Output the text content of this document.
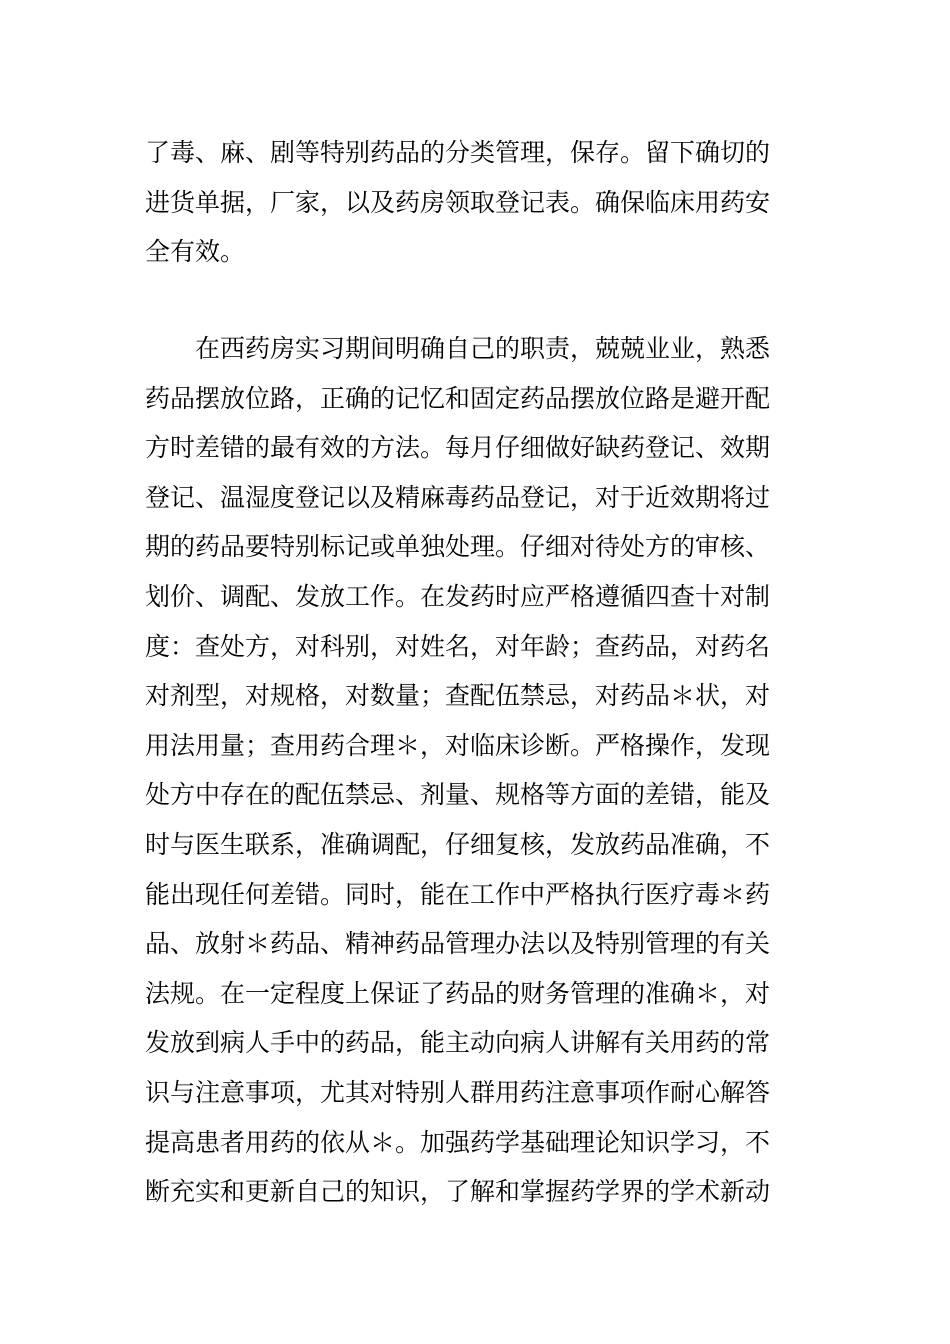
了毒、麻、剧等特别药品的分类管理，保存。留下确切的
进货单据，厂家，以及药房领取登记表。确保临床用药安
全有效。
　　在西药房实习期间明确自己的职责，兢兢业业，熟悉
药品摆放位路，正确的记忆和固定药品摆放位路是避开配
方时差错的最有效的方法。每月仔细做好缺药登记、效期
登记、温湿度登记以及精麻毒药品登记，对于近效期将过
期的药品要特别标记或单独处理。仔细对待处方的审核、
划价、调配、发放工作。在发药时应严格遵循四查十对制
度：查处方，对科别，对姓名，对年龄；查药品，对药名
对剂型，对规格，对数量；查配伍禁忌，对药品＊状，对
用法用量；查用药合理＊，对临床诊断。严格操作，发现
处方中存在的配伍禁忌、剂量、规格等方面的差错，能及
时与医生联系，准确调配，仔细复核，发放药品准确，不
能出现任何差错。同时，能在工作中严格执行医疗毒＊药
品、放射＊药品、精神药品管理办法以及特别管理的有关
法规。在一定程度上保证了药品的财务管理的准确＊，对
发放到病人手中的药品，能主动向病人讲解有关用药的常
识与注意事项，尤其对特别人群用药注意事项作耐心解答
提高患者用药的依从＊。加强药学基础理论知识学习，不
断充实和更新自己的知识，了解和掌握药学界的学术新动
